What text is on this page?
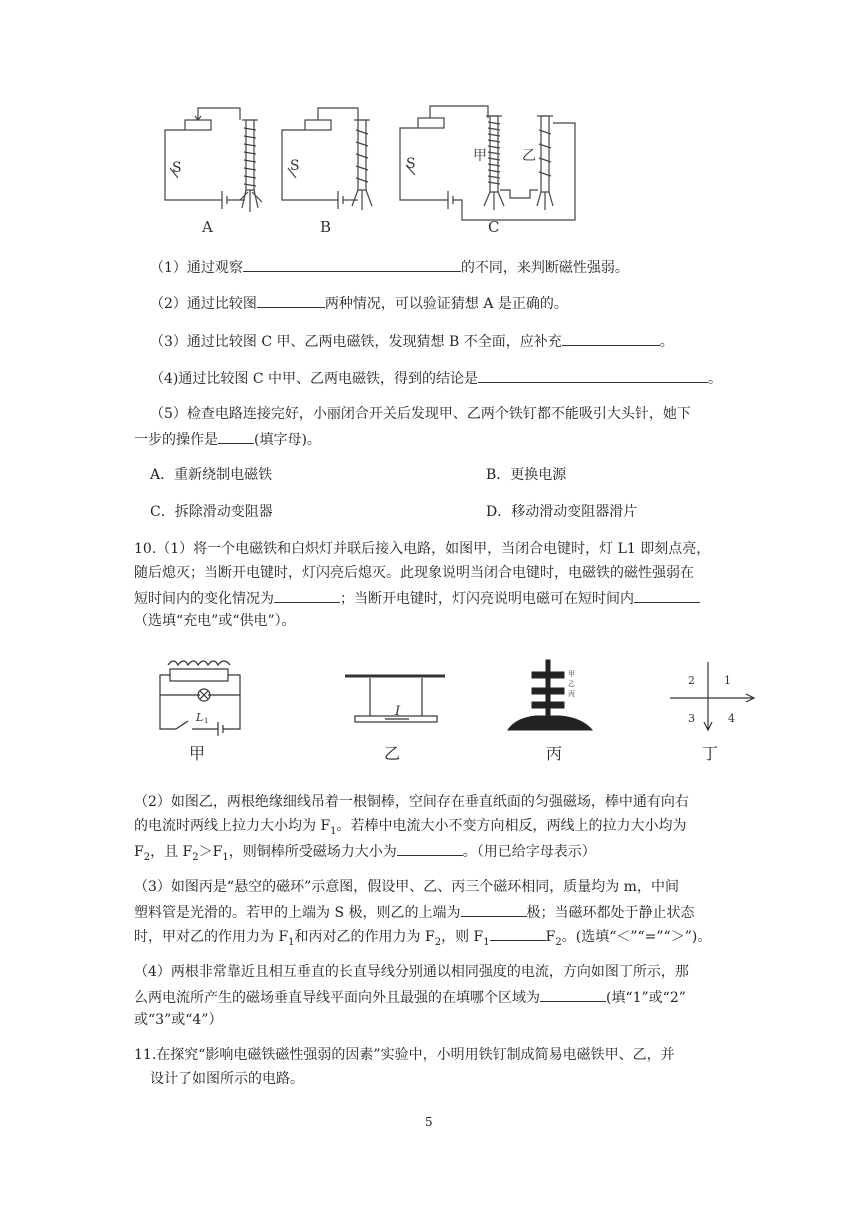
S	S	S	甲	乙
A	B	C
（1）通过观察	的不同，来判断磁性强弱。
（2）通过比较图	两种情况，可以验证猜想 A 是正确的。
（3）通过比较图 C 甲、乙两电磁铁，发现猜想 B 不全面，应补充	。
（4)通过比较图 C 中甲、乙两电磁铁，得到的结论是	。
（5）检查电路连接完好，小丽闭合开关后发现甲、乙两个铁钉都不能吸引大头针，她下
一步的操作是	(填字母)。
A．重新绕制电磁铁	B．更换电源
C．拆除滑动变阻器	D．移动滑动变阻器滑片
10.（1）将一个电磁铁和白炽灯并联后接入电路，如图甲，当闭合电键时，灯 L1 即刻点亮，
随后熄灭；当断开电键时，灯闪亮后熄灭。此现象说明当闭合电键时，电磁铁的磁性强弱在
短时间内的变化情况为	；当断开电键时，灯闪亮说明电磁可在短时间内
（选填“充电”或“供电”）。
L 1
甲
I
乙
甲
乙
丙
丙
1
2
3	4
丁
（2）如图乙，两根绝缘细线吊着一根铜棒，空间存在垂直纸面的匀强磁场，棒中通有向右
的电流时两线上拉力大小均为 $F_1$。若棒中电流大小不变方向相反，两线上的拉力大小均为
$F_2$，且 $F_2>F_1$，则铜棒所受磁场力大小为	。（用已给字母表示）
（3）如图丙是“悬空的磁环”示意图，假设甲、乙、丙三个磁环相同，质量均为 m，中间
塑料管是光滑的。若甲的上端为 S 极，则乙的上端为	极；当磁环都处于静止状态
时，甲对乙的作用力为 $F_1$和丙对乙的作用力为 $F_2$，则 $F_1$	$F_2$。(选填“＜”“=”“＞”)。
（4）两根非常靠近且相互垂直的长直导线分别通以相同强度的电流，方向如图丁所示，那
么两电流所产生的磁场垂直导线平面向外且最强的在填哪个区域为	(填“1”或“2”
或“3”或“4”）
11.在探究“影响电磁铁磁性强弱的因素”实验中，小明用铁钉制成简易电磁铁甲、乙，并
设计了如图所示的电路。
5
